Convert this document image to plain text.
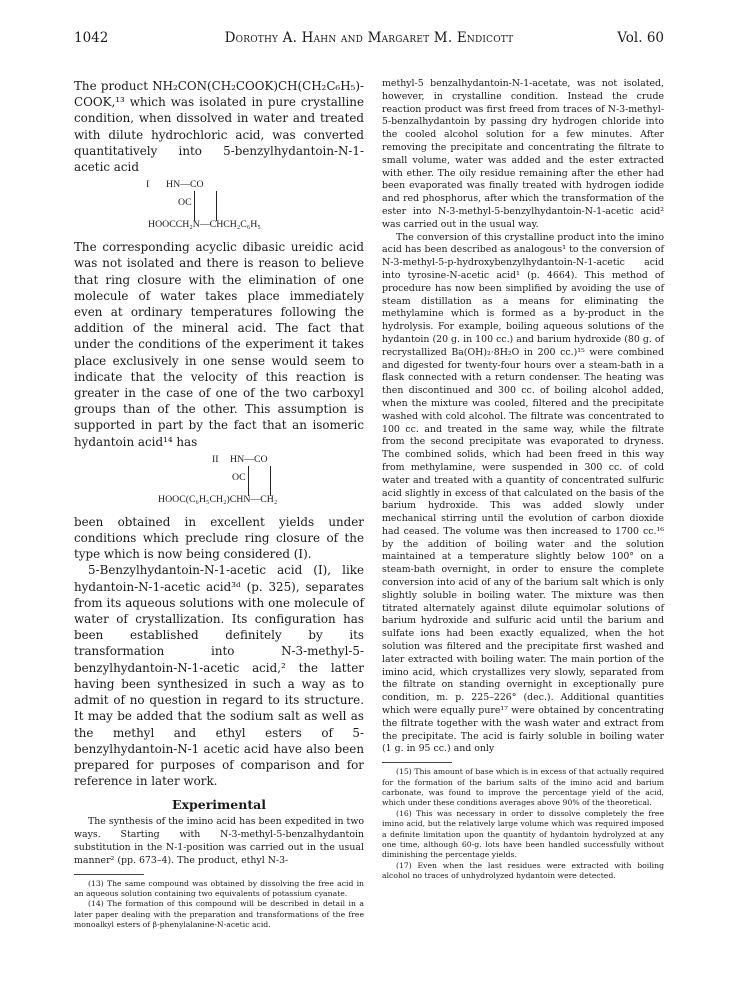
1042	Dorothy A. Hahn and Margaret M. Endicott	Vol. 60

The product NH₂CON(CH₂COOK)CH(CH₂C₆H₅)-COOK,¹³ which was isolated in pure crystalline condition, when dissolved in water and treated with dilute hydrochloric acid, was converted quantitatively into 5-benzylhydantoin-N-1-acetic acid

I HN—CO
OC
HOOCCH₂N—CHCH₂C₆H₅

The corresponding acyclic dibasic ureidic acid was not isolated and there is reason to believe that ring closure with the elimination of one molecule of water takes place immediately even at ordinary temperatures following the addition of the mineral acid. The fact that under the conditions of the experiment it takes place exclusively in one sense would seem to indicate that the velocity of this reaction is greater in the case of one of the two carboxyl groups than of the other. This assumption is supported in part by the fact that an isomeric hydantoin acid¹⁴ has

II HN—CO
OC
HOOC(C₆H₅CH₂)CHN—CH₂

been obtained in excellent yields under conditions which preclude ring closure of the type which is now being considered (I).

5-Benzylhydantoin-N-1-acetic acid (I), like hydantoin-N-1-acetic acid³ᵈ (p. 325), separates from its aqueous solutions with one molecule of water of crystallization. Its configuration has been established definitely by its transformation into N-3-methyl-5-benzylhydantoin-N-1-acetic acid,² the latter having been synthesized in such a way as to admit of no question in regard to its structure. It may be added that the sodium salt as well as the methyl and ethyl esters of 5-benzylhydantoin-N-1 acetic acid have also been prepared for purposes of comparison and for reference in later work.

Experimental

The synthesis of the imino acid has been expedited in two ways. Starting with N-3-methyl-5-benzalhydantoin substitution in the N-1-position was carried out in the usual manner² (pp. 673–4). The product, ethyl N-3-

(13) The same compound was obtained by dissolving the free acid in an aqueous solution containing two equivalents of potassium cyanate.

(14) The formation of this compound will be described in detail in a later paper dealing with the preparation and transformations of the free monoalkyl esters of β-phenylalanine-N-acetic acid.

methyl-5 benzalhydantoin-N-1-acetate, was not isolated, however, in crystalline condition. Instead the crude reaction product was first freed from traces of N-3-methyl-5-benzalhydantoin by passing dry hydrogen chloride into the cooled alcohol solution for a few minutes. After removing the precipitate and concentrating the filtrate to small volume, water was added and the ester extracted with ether. The oily residue remaining after the ether had been evaporated was finally treated with hydrogen iodide and red phosphorus, after which the transformation of the ester into N-3-methyl-5-benzylhydantoin-N-1-acetic acid² was carried out in the usual way.

The conversion of this crystalline product into the imino acid has been described as analogous¹ to the conversion of N-3-methyl-5-p-hydroxybenzylhydantoin-N-1-acetic acid into tyrosine-N-acetic acid¹ (p. 4664). This method of procedure has now been simplified by avoiding the use of steam distillation as a means for eliminating the methylamine which is formed as a by-product in the hydrolysis. For example, boiling aqueous solutions of the hydantoin (20 g. in 100 cc.) and barium hydroxide (80 g. of recrystallized Ba(OH)₂·8H₂O in 200 cc.)¹⁵ were combined and digested for twenty-four hours over a steam-bath in a flask connected with a return condenser. The heating was then discontinued and 300 cc. of boiling alcohol added, when the mixture was cooled, filtered and the precipitate washed with cold alcohol. The filtrate was concentrated to 100 cc. and treated in the same way, while the filtrate from the second precipitate was evaporated to dryness. The combined solids, which had been freed in this way from methylamine, were suspended in 300 cc. of cold water and treated with a quantity of concentrated sulfuric acid slightly in excess of that calculated on the basis of the barium hydroxide. This was added slowly under mechanical stirring until the evolution of carbon dioxide had ceased. The volume was then increased to 1700 cc.¹⁶ by the addition of boiling water and the solution maintained at a temperature slightly below 100° on a steam-bath overnight, in order to ensure the complete conversion into acid of any of the barium salt which is only slightly soluble in boiling water. The mixture was then titrated alternately against dilute equimolar solutions of barium hydroxide and sulfuric acid until the barium and sulfate ions had been exactly equalized, when the hot solution was filtered and the precipitate first washed and later extracted with boiling water. The main portion of the imino acid, which crystallizes very slowly, separated from the filtrate on standing overnight in exceptionally pure condition, m. p. 225–226° (dec.). Additional quantities which were equally pure¹⁷ were obtained by concentrating the filtrate together with the wash water and extract from the precipitate. The acid is fairly soluble in boiling water (1 g. in 95 cc.) and only

(15) This amount of base which is in excess of that actually required for the formation of the barium salts of the imino acid and barium carbonate, was found to improve the percentage yield of the acid, which under these conditions averages above 90% of the theoretical.

(16) This was necessary in order to dissolve completely the free imino acid, but the relatively large volume which was required imposed a definite limitation upon the quantity of hydantoin hydrolyzed at any one time, although 60-g. lots have been handled successfully without diminishing the percentage yields.

(17) Even when the last residues were extracted with boiling alcohol no traces of unhydrolyzed hydantoin were detected.
